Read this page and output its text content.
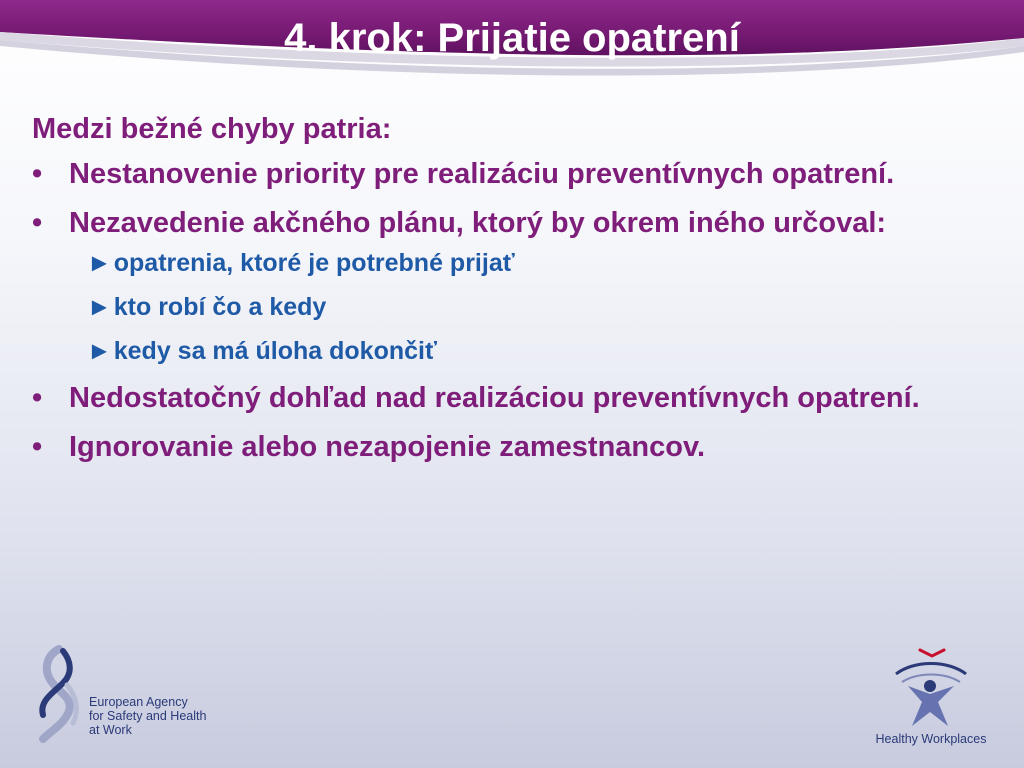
4. krok: Prijatie opatrení

Medzi bežné chyby patria:

• Nestanovenie priority pre realizáciu preventívnych opatrení.
• Nezavedenie akčného plánu, ktorý by okrem iného určoval:
►opatrenia, ktoré je potrebné prijať
►kto robí čo a kedy
►kedy sa má úloha dokončiť
• Nedostatočný dohľad nad realizáciou preventívnych opatrení.
• Ignorovanie alebo nezapojenie zamestnancov.
European Agency
for Safety and Health
at Work
Healthy Workplaces
